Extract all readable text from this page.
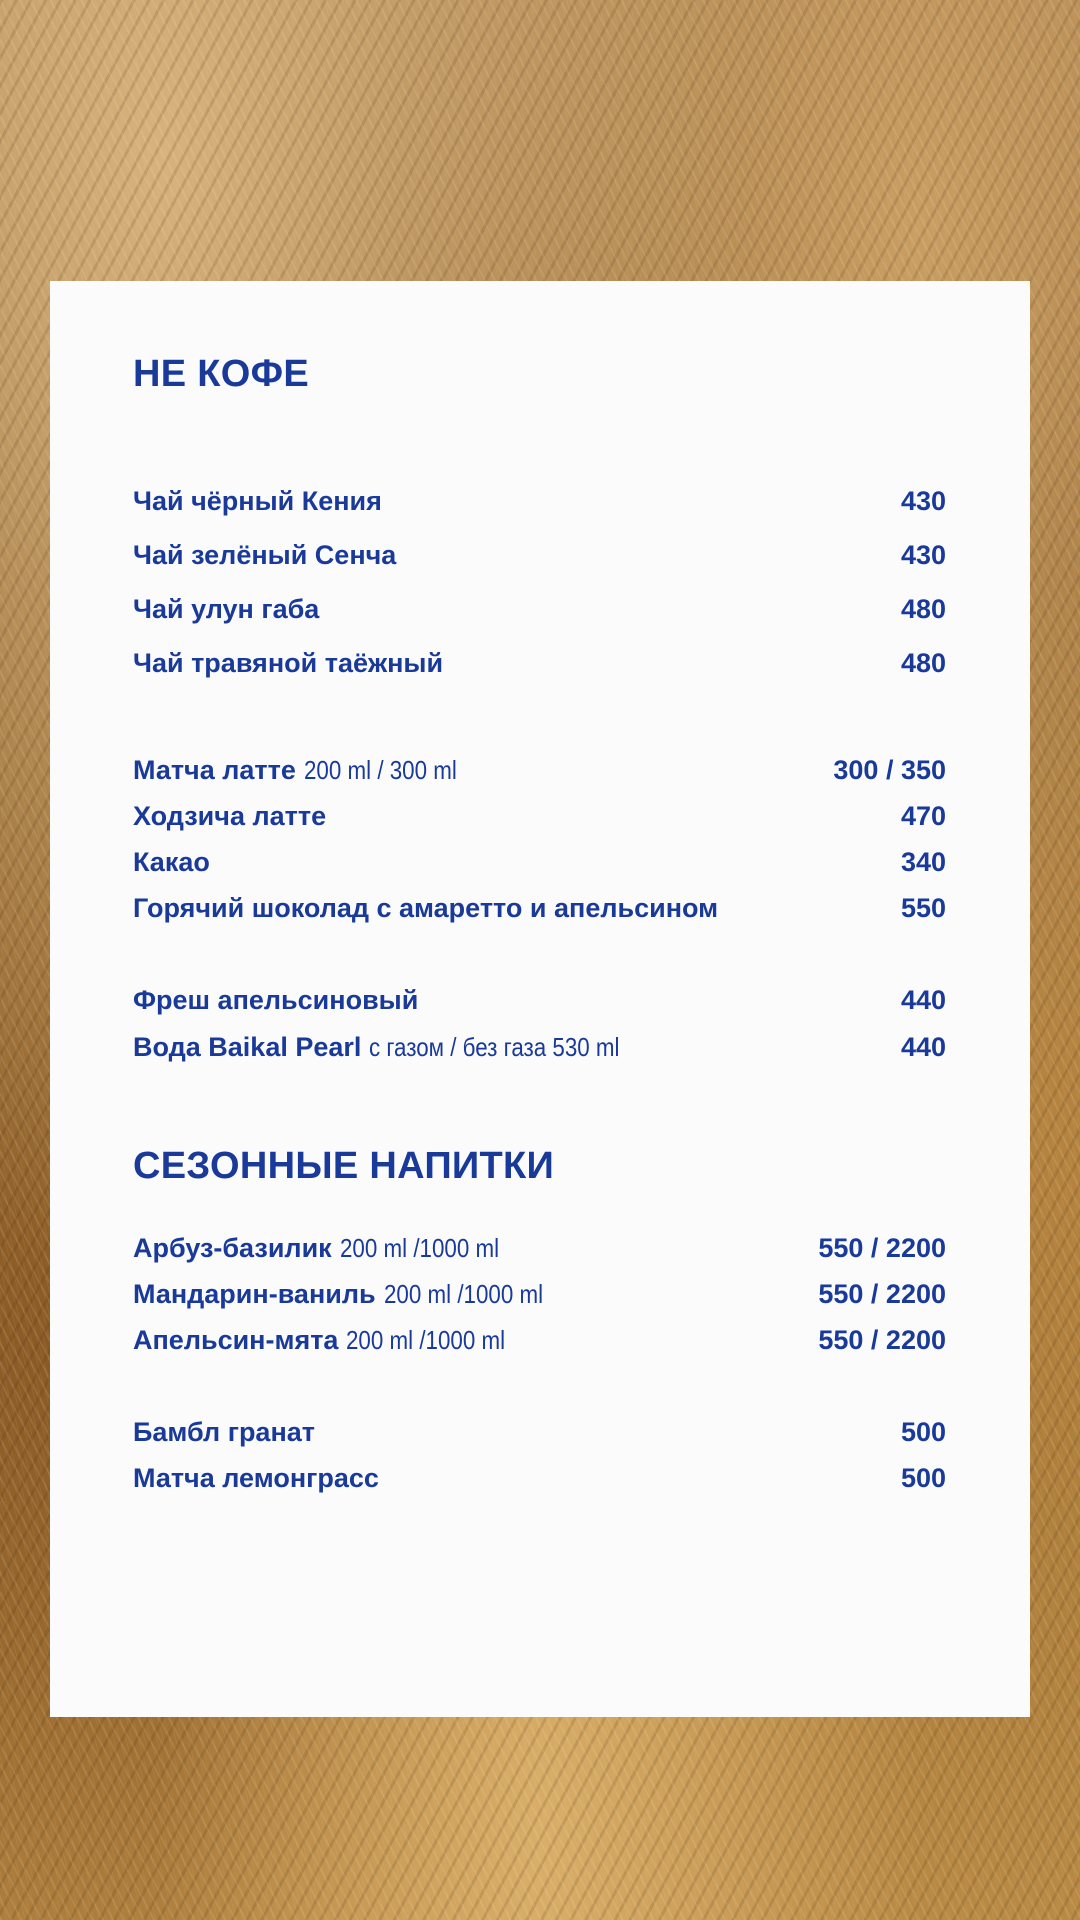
НЕ КОФЕ
Чай чёрный Кения	430
Чай зелёный Сенча	430
Чай улун габа	480
Чай травяной таёжный	480
Матча латте 200 ml / 300 ml	300 / 350
Ходзича латте	470
Какао	340
Горячий шоколад с амаретто и апельсином	550
Фреш апельсиновый	440
Вода Baikal Pearl с газом / без газа 530 ml	440
СЕЗОННЫЕ НАПИТКИ
Арбуз-базилик 200 ml /1000 ml	550 / 2200
Мандарин-ваниль 200 ml /1000 ml	550 / 2200
Апельсин-мята 200 ml /1000 ml	550 / 2200
Бамбл гранат	500
Матча лемонграсс	500
